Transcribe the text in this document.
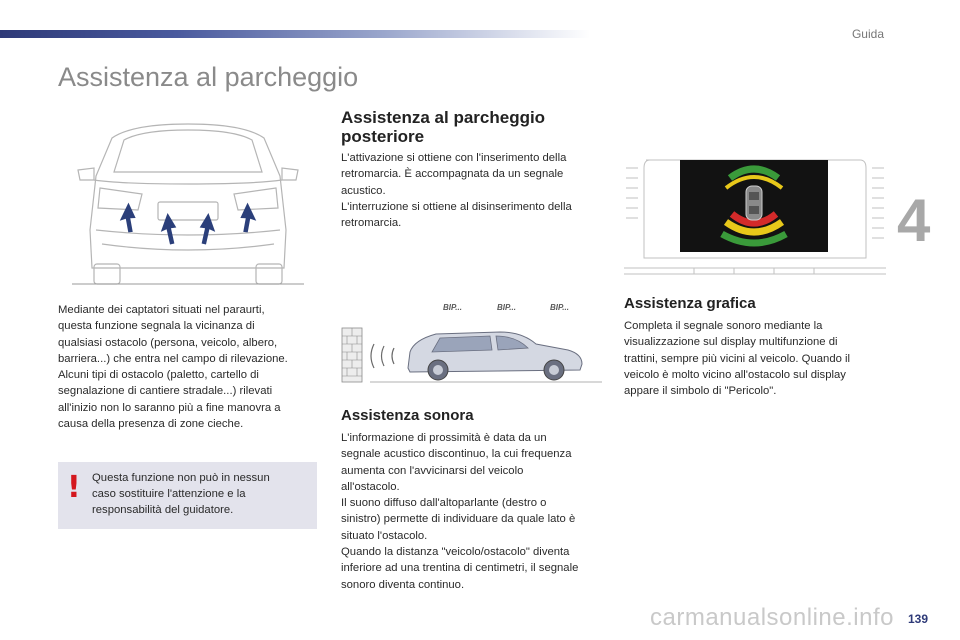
Guida
Assistenza al parcheggio
4

Mediante dei captatori situati nel paraurti,
questa funzione segnala la vicinanza di
qualsiasi ostacolo (persona, veicolo, albero,
barriera...) che entra nel campo di rilevazione.
Alcuni tipi di ostacolo (paletto, cartello di
segnalazione di cantiere stradale...) rilevati
all'inizio non lo saranno più a fine manovra a
causa della presenza di zone cieche.

! Questa funzione non può in nessun
caso sostituire l'attenzione e la
responsabilità del guidatore.
Assistenza al parcheggio
posteriore

L'attivazione si ottiene con l'inserimento della
retromarcia. È accompagnata da un segnale
acustico.
L'interruzione si ottiene al disinserimento della
retromarcia.

BIP...	BIP...	BIP...
Assistenza sonora

L'informazione di prossimità è data da un
segnale acustico discontinuo, la cui frequenza
aumenta con l'avvicinarsi del veicolo
all'ostacolo.
Il suono diffuso dall'altoparlante (destro o
sinistro) permette di individuare da quale lato è
situato l'ostacolo.
Quando la distanza "veicolo/ostacolo" diventa
inferiore ad una trentina di centimetri, il segnale
sonoro diventa continuo.

Assistenza grafica

Completa il segnale sonoro mediante la
visualizzazione sul display multifunzione di
trattini, sempre più vicini al veicolo. Quando il
veicolo è molto vicino all'ostacolo sul display
appare il simbolo di "Pericolo".

139
carmanualsonline.info
